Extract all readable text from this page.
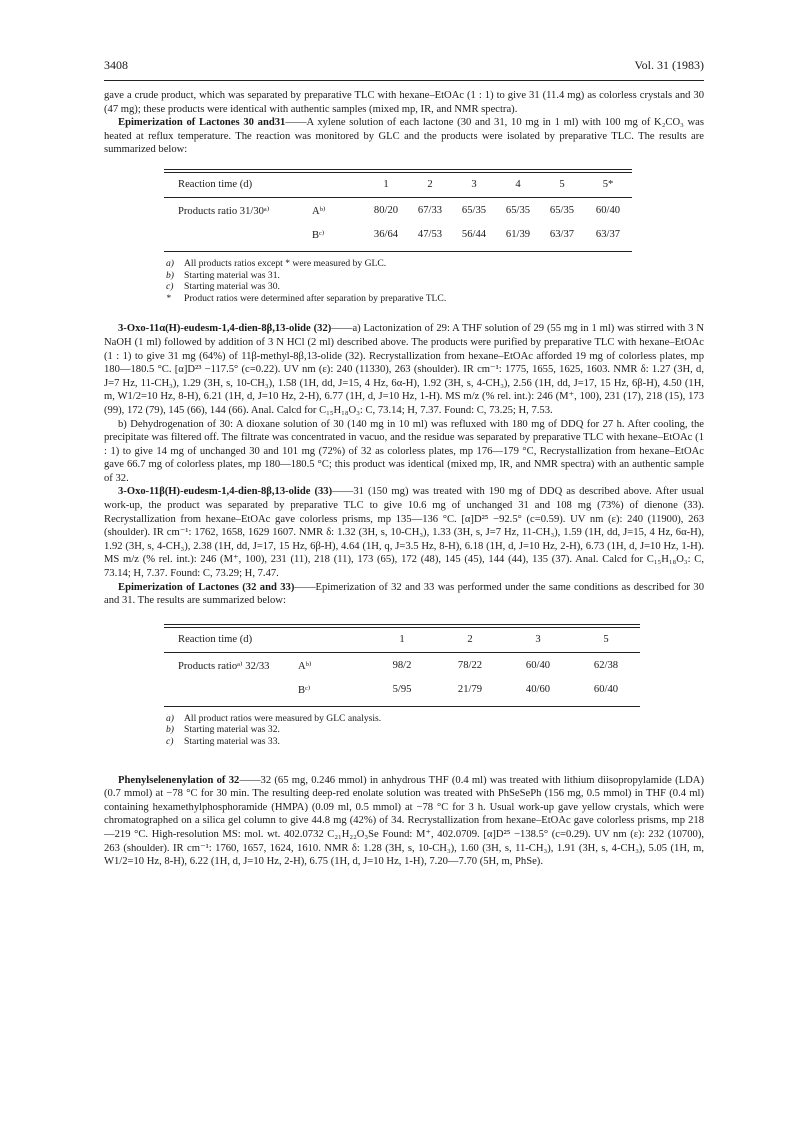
3408	Vol. 31 (1983)

gave a crude product, which was separated by preparative TLC with hexane–EtOAc (1 : 1) to give 31 (11.4 mg) as colorless crystals and 30 (47 mg); these products were identical with authentic samples (mixed mp, IR, and NMR spectra).

Epimerization of Lactones 30 and31——A xylene solution of each lactone (30 and 31, 10 mg in 1 ml) with 100 mg of K₂CO₃ was heated at reflux temperature. The reaction was monitored by GLC and the products were isolated by preparative TLC. The results are summarized below:

Reaction time (d)		1	2	3	4	5	5*

Products ratio 31/30ᵃ⁾	Aᵇ⁾	80/20	67/33	65/35	65/35	65/35	60/40
	Bᶜ⁾	36/64	47/53	56/44	61/39	63/37	63/37
a)	All products ratios except * were measured by GLC.
b)	Starting material was 31.
c)	Starting material was 30.
*	Product ratios were determined after separation by preparative TLC.

3-Oxo-11α(H)-eudesm-1,4-dien-8β,13-olide (32)——a) Lactonization of 29: A THF solution of 29 (55 mg in 1 ml) was stirred with 3 N NaOH (1 ml) followed by addition of 3 N HCl (2 ml) described above. The products were purified by preparative TLC with hexane–EtOAc (1 : 1) to give 31 mg (64%) of 11β-methyl-8β,13-olide (32). Recrystallization from hexane–EtOAc afforded 19 mg of colorless plates, mp 180—180.5 °C. [α]D²³ −117.5° (c=0.22). UV nm (ε): 240 (11330), 263 (shoulder). IR cm⁻¹: 1775, 1655, 1625, 1603. NMR δ: 1.27 (3H, d, J=7 Hz, 11-CH₃), 1.29 (3H, s, 10-CH₃), 1.58 (1H, dd, J=15, 4 Hz, 6α-H), 1.92 (3H, s, 4-CH₃), 2.56 (1H, dd, J=17, 15 Hz, 6β-H), 4.50 (1H, m, W1/2=10 Hz, 8-H), 6.21 (1H, d, J=10 Hz, 2-H), 6.77 (1H, d, J=10 Hz, 1-H). MS m/z (% rel. int.): 246 (M⁺, 100), 231 (17), 218 (15), 173 (99), 172 (79), 145 (66), 144 (66). Anal. Calcd for C₁₅H₁₈O₃: C, 73.14; H, 7.37. Found: C, 73.25; H, 7.53.

b) Dehydrogenation of 30: A dioxane solution of 30 (140 mg in 10 ml) was refluxed with 180 mg of DDQ for 27 h. After cooling, the precipitate was filtered off. The filtrate was concentrated in vacuo, and the residue was separated by preparative TLC with hexane–EtOAc (1 : 1) to give 14 mg of unchanged 30 and 101 mg (72%) of 32 as colorless plates, mp 176—179 °C, Recrystallization from hexane–EtOAc gave 66.7 mg of colorless plates, mp 180—180.5 °C; this product was identical (mixed mp, IR, and NMR spectra) with an authentic sample of 32.

3-Oxo-11β(H)-eudesm-1,4-dien-8β,13-olide (33)——31 (150 mg) was treated with 190 mg of DDQ as described above. After usual work-up, the product was separated by preparative TLC to give 10.6 mg of unchanged 31 and 108 mg (73%) of dienone (33). Recrystallization from hexane–EtOAc gave colorless prisms, mp 135—136 °C. [α]D²⁵ −92.5° (c=0.59). UV nm (ε): 240 (11900), 263 (shoulder). IR cm⁻¹: 1762, 1658, 1629 1607. NMR δ: 1.32 (3H, s, 10-CH₃), 1.33 (3H, s, J=7 Hz, 11-CH₃), 1.59 (1H, dd, J=15, 4 Hz, 6α-H), 1.92 (3H, s, 4-CH₃), 2.38 (1H, dd, J=17, 15 Hz, 6β-H), 4.64 (1H, q, J=3.5 Hz, 8-H), 6.18 (1H, d, J=10 Hz, 2-H), 6.73 (1H, d, J=10 Hz, 1-H). MS m/z (% rel. int.): 246 (M⁺, 100), 231 (11), 218 (11), 173 (65), 172 (48), 145 (45), 144 (44), 135 (37). Anal. Calcd for C₁₅H₁₈O₃: C, 73.14; H, 7.37. Found: C, 73.29; H, 7.47.

Epimerization of Lactones (32 and 33)——Epimerization of 32 and 33 was performed under the same conditions as described for 30 and 31. The results are summarized below:

Reaction time (d)		1	2	3	5

Products ratioᵃ⁾ 32/33	Aᵇ⁾	98/2	78/22	60/40	62/38
	Bᶜ⁾	5/95	21/79	40/60	60/40
a)	All product ratios were measured by GLC analysis.
b)	Starting material was 32.
c)	Starting material was 33.

Phenylselenenylation of 32——32 (65 mg, 0.246 mmol) in anhydrous THF (0.4 ml) was treated with lithium diisopropylamide (LDA) (0.7 mmol) at −78 °C for 30 min. The resulting deep-red enolate solution was treated with PhSeSePh (156 mg, 0.5 mmol) in THF (0.4 ml) containing hexamethylphosphoramide (HMPA) (0.09 ml, 0.5 mmol) at −78 °C for 3 h. Usual work-up gave yellow crystals, which were chromatographed on a silica gel column to give 44.8 mg (42%) of 34. Recrystallization from hexane–EtOAc gave colorless prisms, mp 218—219 °C. High-resolution MS: mol. wt. 402.0732 C₂₁H₂₂O₃Se Found: M⁺, 402.0709. [α]D²⁵ −138.5° (c=0.29). UV nm (ε): 232 (10700), 263 (shoulder). IR cm⁻¹: 1760, 1657, 1624, 1610. NMR δ: 1.28 (3H, s, 10-CH₃), 1.60 (3H, s, 11-CH₃), 1.91 (3H, s, 4-CH₃), 5.05 (1H, m, W1/2=10 Hz, 8-H), 6.22 (1H, d, J=10 Hz, 2-H), 6.75 (1H, d, J=10 Hz, 1-H), 7.20—7.70 (5H, m, PhSe).
